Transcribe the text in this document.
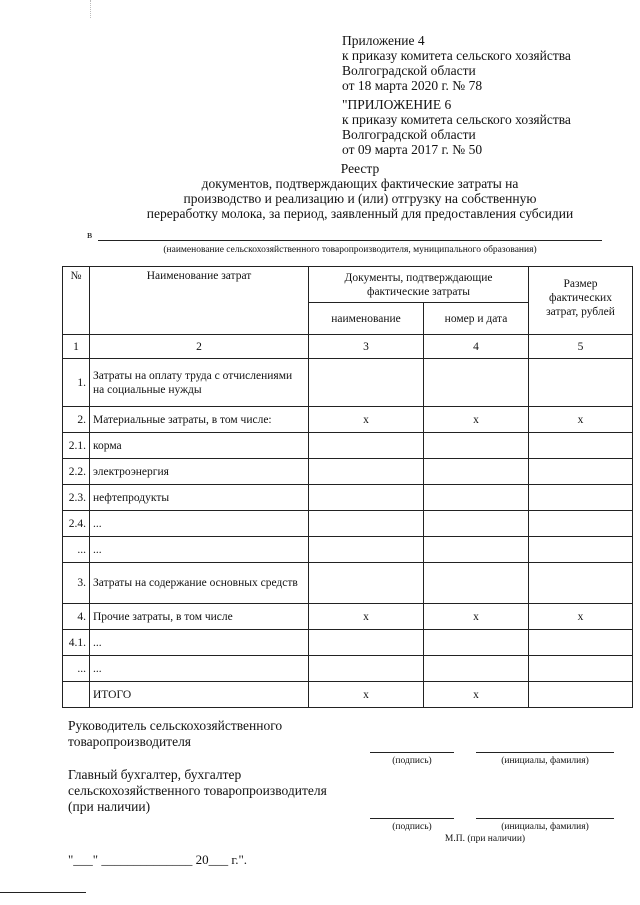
Приложение 4
к приказу комитета сельского хозяйства
Волгоградской области
от 18 марта 2020 г. № 78
"ПРИЛОЖЕНИЕ 6
к приказу комитета сельского хозяйства
Волгоградской области
от 09 марта 2017 г. № 50
Реестр
документов, подтверждающих фактические затраты на
производство и реализацию и (или) отгрузку на собственную
переработку молока, за период, заявленный для предоставления субсидии
в
(наименование сельскохозяйственного товаропроизводителя, муниципального образования)
№	Наименование затрат	Документы, подтверждающие фактические затраты		Размер фактических затрат, рублей
		наименование	номер и дата	
1	2	3	4	5
1.	Затраты на оплату труда с отчислениями на социальные нужды			
2.	Материальные затраты, в том числе:	x	x	x
2.1.	корма			
2.2.	электроэнергия			
2.3.	нефтепродукты			
2.4.	...			
...	...			
3.	Затраты на содержание основных средств			
4.	Прочие затраты, в том числе	x	x	x
4.1.	...			
...	...			
	ИТОГО	x	x	
Руководитель сельскохозяйственного
товаропроизводителя
(подпись)	(инициалы, фамилия)
Главный бухгалтер, бухгалтер
сельскохозяйственного товаропроизводителя
(при наличии)
(подпись)	(инициалы, фамилия)
М.П. (при наличии)
"___" ______________ 20___ г.".
